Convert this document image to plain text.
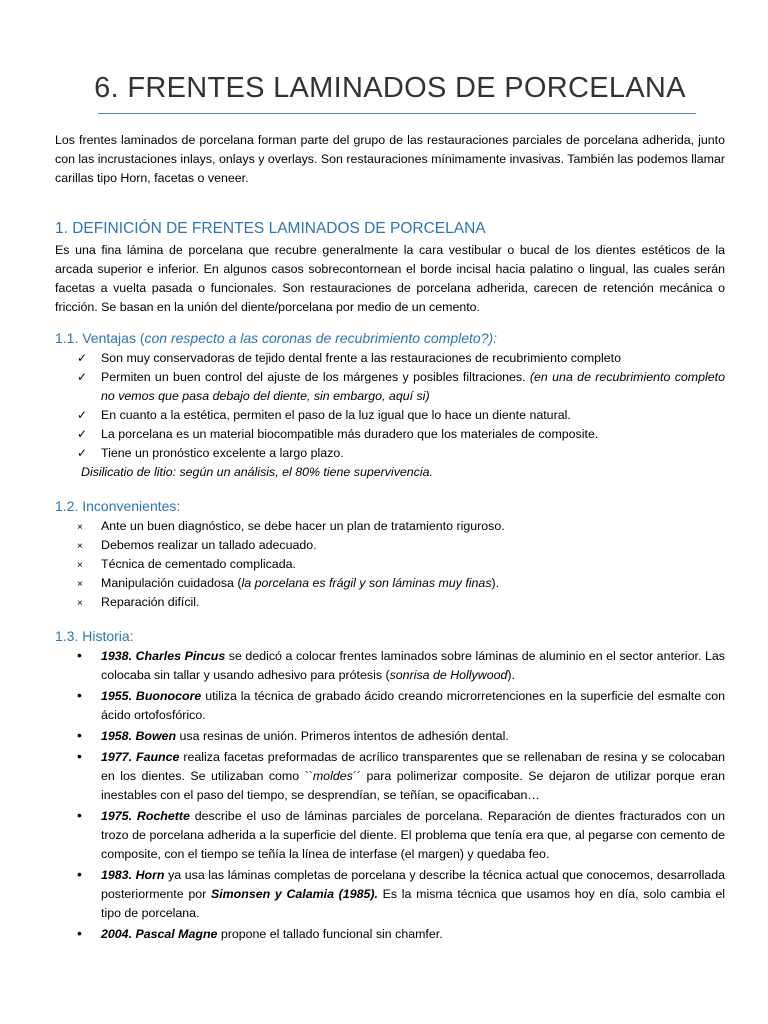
6. FRENTES LAMINADOS DE PORCELANA

Los frentes laminados de porcelana forman parte del grupo de las restauraciones parciales de porcelana adherida, junto con las incrustaciones inlays, onlays y overlays. Son restauraciones mínimamente invasivas. También las podemos llamar carillas tipo Horn, facetas o veneer.

1. DEFINICIÓN DE FRENTES LAMINADOS DE PORCELANA

Es una fina lámina de porcelana que recubre generalmente la cara vestibular o bucal de los dientes estéticos de la arcada superior e inferior. En algunos casos sobrecontornean el borde incisal hacia palatino o lingual, las cuales serán facetas a vuelta pasada o funcionales. Son restauraciones de porcelana adherida, carecen de retención mecánica o fricción. Se basan en la unión del diente/porcelana por medio de un cemento.

1.1. Ventajas (con respecto a las coronas de recubrimiento completo?):
✓ Son muy conservadoras de tejido dental frente a las restauraciones de recubrimiento completo
✓ Permiten un buen control del ajuste de los márgenes y posibles filtraciones. (en una de recubrimiento completo no vemos que pasa debajo del diente, sin embargo, aquí si)
✓ En cuanto a la estética, permiten el paso de la luz igual que lo hace un diente natural.
✓ La porcelana es un material biocompatible más duradero que los materiales de composite.
✓ Tiene un pronóstico excelente a largo plazo.

Disilicatio de litio: según un análisis, el 80% tiene supervivencia.

1.2. Inconvenientes:
× Ante un buen diagnóstico, se debe hacer un plan de tratamiento riguroso.
× Debemos realizar un tallado adecuado.
× Técnica de cementado complicada.
× Manipulación cuidadosa (la porcelana es frágil y son láminas muy finas).
× Reparación difícil.
1.3. Historia:
• 1938. Charles Pincus se dedicó a colocar frentes laminados sobre láminas de aluminio en el sector anterior. Las colocaba sin tallar y usando adhesivo para prótesis (sonrisa de Hollywood).
• 1955. Buonocore utiliza la técnica de grabado ácido creando microrretenciones en la superficie del esmalte con ácido ortofosfórico.
• 1958. Bowen usa resinas de unión. Primeros intentos de adhesión dental.
• 1977. Faunce realiza facetas preformadas de acrílico transparentes que se rellenaban de resina y se colocaban en los dientes. Se utilizaban como ``moldes´´ para polimerizar composite. Se dejaron de utilizar porque eran inestables con el paso del tiempo, se desprendían, se teñían, se opacificaban…
• 1975. Rochette describe el uso de láminas parciales de porcelana. Reparación de dientes fracturados con un trozo de porcelana adherida a la superficie del diente. El problema que tenía era que, al pegarse con cemento de composite, con el tiempo se teñía la línea de interfase (el margen) y quedaba feo.
• 1983. Horn ya usa las láminas completas de porcelana y describe la técnica actual que conocemos, desarrollada posteriormente por Simonsen y Calamia (1985). Es la misma técnica que usamos hoy en día, solo cambia el tipo de porcelana.
• 2004. Pascal Magne propone el tallado funcional sin chamfer.
